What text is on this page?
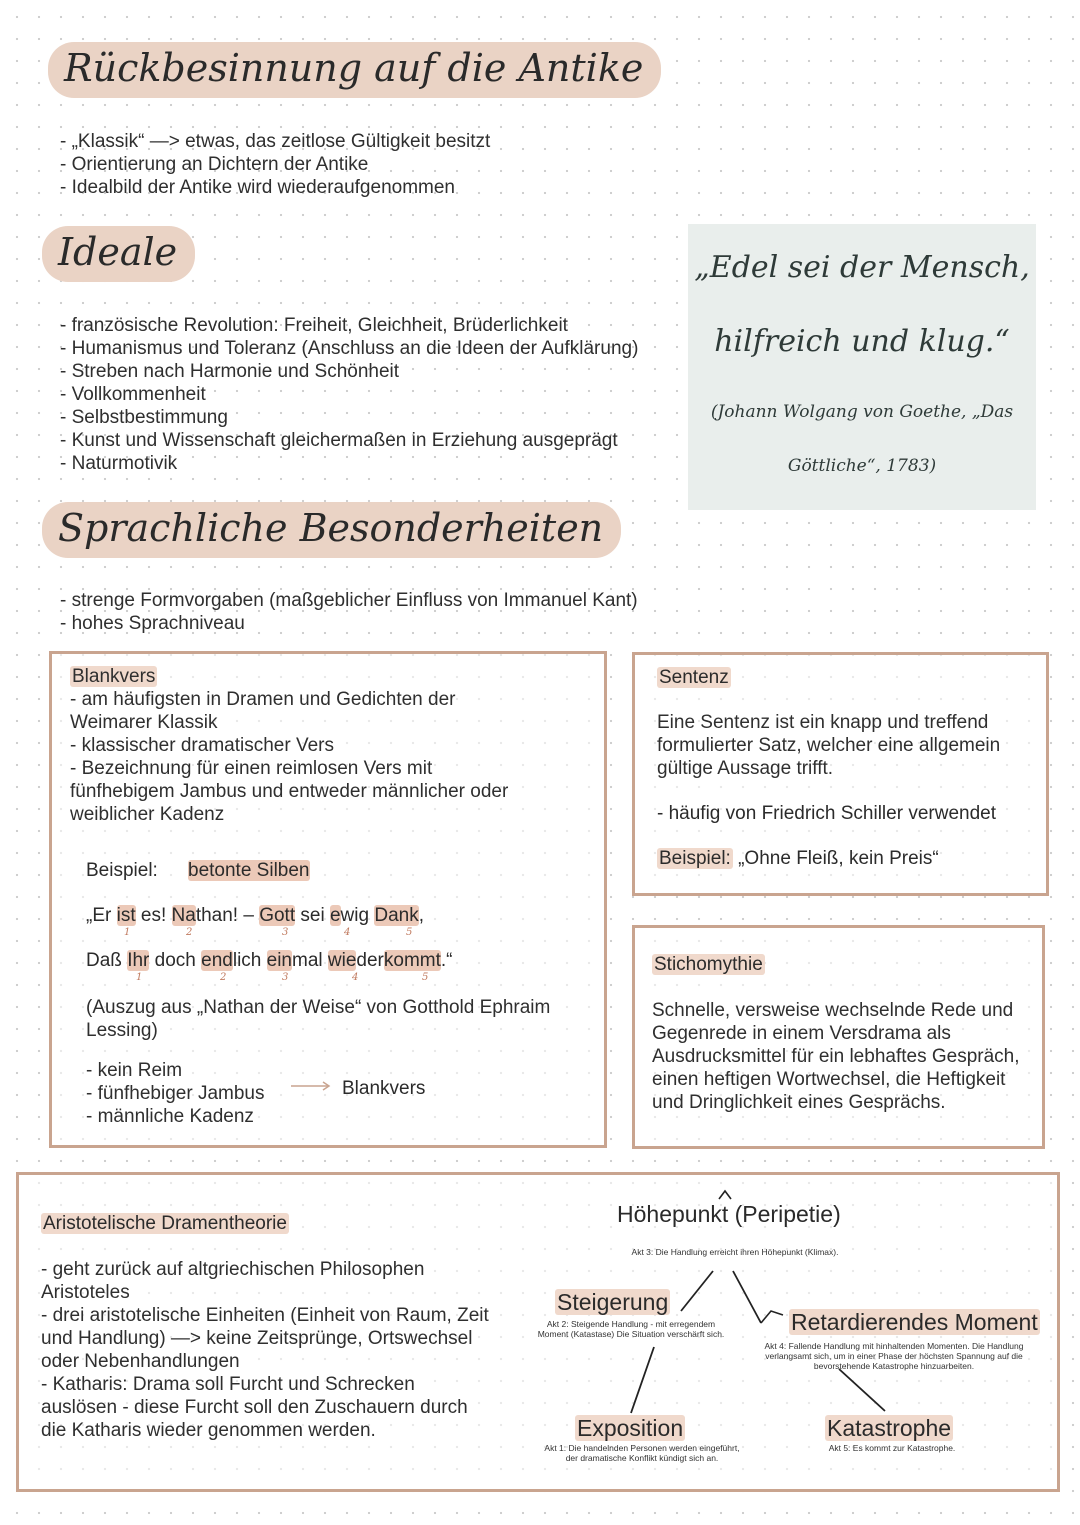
Rückbesinnung auf die Antike
- „Klassik“ —> etwas, das zeitlose Gültigkeit besitzt
- Orientierung an Dichtern der Antike
- Idealbild der Antike wird wiederaufgenommen
Ideale
- französische Revolution: Freiheit, Gleichheit, Brüderlichkeit
- Humanismus und Toleranz (Anschluss an die Ideen der Aufklärung)
- Streben nach Harmonie und Schönheit
- Vollkommenheit
- Selbstbestimmung
- Kunst und Wissenschaft gleichermaßen in Erziehung ausgeprägt
- Naturmotivik
„Edel sei der Mensch,
hilfreich und klug.“
(Johann Wolgang von Goethe, „Das
Göttliche“, 1783)
Sprachliche Besonderheiten
- strenge Formvorgaben (maßgeblicher Einfluss von Immanuel Kant)
- hohes Sprachniveau
Blankvers
- am häufigsten in Dramen und Gedichten der
Weimarer Klassik
- klassischer dramatischer Vers
- Bezeichnung für einen reimlosen Vers mit
fünfhebigem Jambus und entweder männlicher oder
weiblicher Kadenz
Beispiel: betonte Silben
„Er ist es! Nathan! – Gott sei ewig Dank,
1	2	3	4	5
Daß Ihr doch endlich einmal wiederkommt.“
1	2	3	4	5
(Auszug aus „Nathan der Weise“ von Gotthold Ephraim
Lessing)
- kein Reim
- fünfhebiger Jambus
- männliche Kadenz
Blankvers
Sentenz
Eine Sentenz ist ein knapp und treffend
formulierter Satz, welcher eine allgemein
gültige Aussage trifft.
- häufig von Friedrich Schiller verwendet
Beispiel: „Ohne Fleiß, kein Preis“
Stichomythie
Schnelle, versweise wechselnde Rede und
Gegenrede in einem Versdrama als
Ausdrucksmittel für ein lebhaftes Gespräch,
einen heftigen Wortwechsel, die Heftigkeit
und Dringlichkeit eines Gesprächs.
Aristotelische Dramentheorie
- geht zurück auf altgriechischen Philosophen
Aristoteles
- drei aristotelische Einheiten (Einheit von Raum, Zeit
und Handlung) —> keine Zeitsprünge, Ortswechsel
oder Nebenhandlungen
- Katharis: Drama soll Furcht und Schrecken
auslösen - diese Furcht soll den Zuschauern durch
die Katharis wieder genommen werden.
Höhepunkt (Peripetie)
Akt 3: Die Handlung erreicht ihren Höhepunkt (Klimax).
Steigerung
Akt 2: Steigende Handlung - mit erregendem
Moment (Katastase) Die Situation verschärft sich.	Retardierendes Moment
Akt 4: Fallende Handlung mit hinhaltenden Momenten. Die Handlung
verlangsamt sich, um in einer Phase der höchsten Spannung auf die
bevorstehende Katastrophe hinzuarbeiten.
Exposition
Akt 1: Die handelnden Personen werden eingeführt,
der dramatische Konflikt kündigt sich an.
Katastrophe
Akt 5: Es kommt zur Katastrophe.
